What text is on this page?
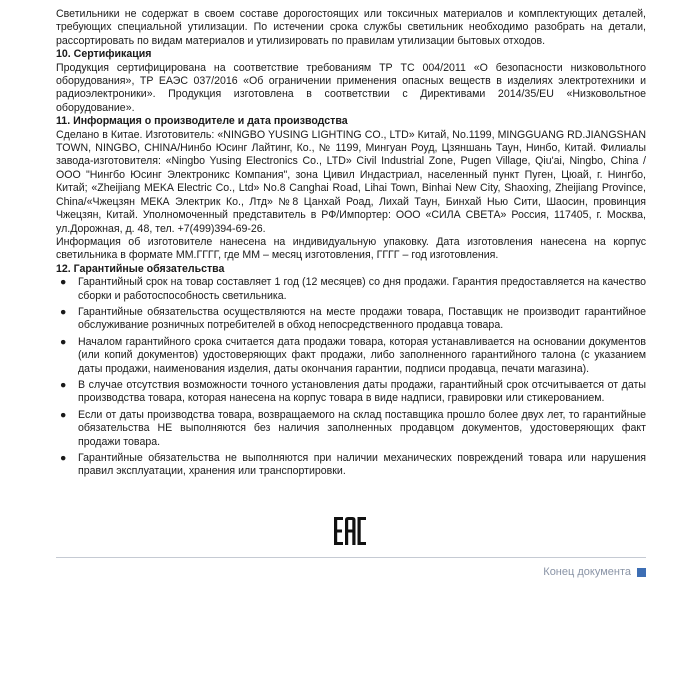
Светильники не содержат в своем составе дорогостоящих или токсичных материалов и комплектующих деталей, требующих специальной утилизации. По истечении срока службы светильник необходимо разобрать на детали, рассортировать по видам материалов и утилизировать по правилам утилизации бытовых отходов.

10. Сертификация

Продукция сертифицирована на соответствие требованиям ТР ТС 004/2011 «О безопасности низковольтного оборудования», ТР ЕАЭС 037/2016 «Об ограничении применения опасных веществ в изделиях электротехники и радиоэлектроники». Продукция изготовлена в соответствии с Директивами 2014/35/EU «Низковольтное оборудование».

11. Информация о производителе и дата производства

Сделано в Китае. Изготовитель: «NINGBO YUSING LIGHTING CO., LTD» Китай, No.1199, MINGGUANG RD.JIANGSHAN TOWN, NINGBO, CHINA/Нинбо Юсинг Лайтинг, Ко., № 1199, Мингуан Роуд, Цзяншань Таун, Нинбо, Китай. Филиалы завода-изготовителя: «Ningbo Yusing Electronics Co., LTD» Civil Industrial Zone, Pugen Village, Qiu'ai, Ningbo, China / ООО "Нингбо Юсинг Электроникс Компания", зона Цивил Индастриал, населенный пункт Пуген, Цюай, г. Нингбо, Китай; «Zheijiang MEKA Electric Co., Ltd» No.8 Canghai Road, Lihai Town, Binhai New City, Shaoxing, Zheijiang Province, China/«Чжецзян МЕКА Электрик Ко., Лтд» №8 Цанхай Роад, Лихай Таун, Бинхай Нью Сити, Шаосин, провинция Чжецзян, Китай. Уполномоченный представитель в РФ/Импортер: ООО «СИЛА СВЕТА» Россия, 117405, г. Москва, ул.Дорожная, д. 48, тел. +7(499)394-69-26.

Информация об изготовителе нанесена на индивидуальную упаковку. Дата изготовления нанесена на корпус светильника в формате ММ.ГГГГ, где ММ – месяц изготовления, ГГГГ – год изготовления.

12. Гарантийные обязательства
● Гарантийный срок на товар составляет 1 год (12 месяцев) со дня продажи. Гарантия предоставляется на качество сборки и работоспособность светильника.

● Гарантийные обязательства осуществляются на месте продажи товара, Поставщик не производит гарантийное обслуживание розничных потребителей в обход непосредственного продавца товара.

● Началом гарантийного срока считается дата продажи товара, которая устанавливается на основании документов (или копий документов) удостоверяющих факт продажи, либо заполненного гарантийного талона (с указанием даты продажи, наименования изделия, даты окончания гарантии, подписи продавца, печати магазина).

● В случае отсутствия возможности точного установления даты продажи, гарантийный срок отсчитывается от даты производства товара, которая нанесена на корпус товара в виде надписи, гравировки или стикерованием.

● Если от даты производства товара, возвращаемого на склад поставщика прошло более двух лет, то гарантийные обязательства НЕ выполняются без наличия заполненных продавцом документов, удостоверяющих факт продажи товара.

● Гарантийные обязательства не выполняются при наличии механических повреждений товара или нарушения правил эксплуатации, хранения или транспортировки.

Конец документа
